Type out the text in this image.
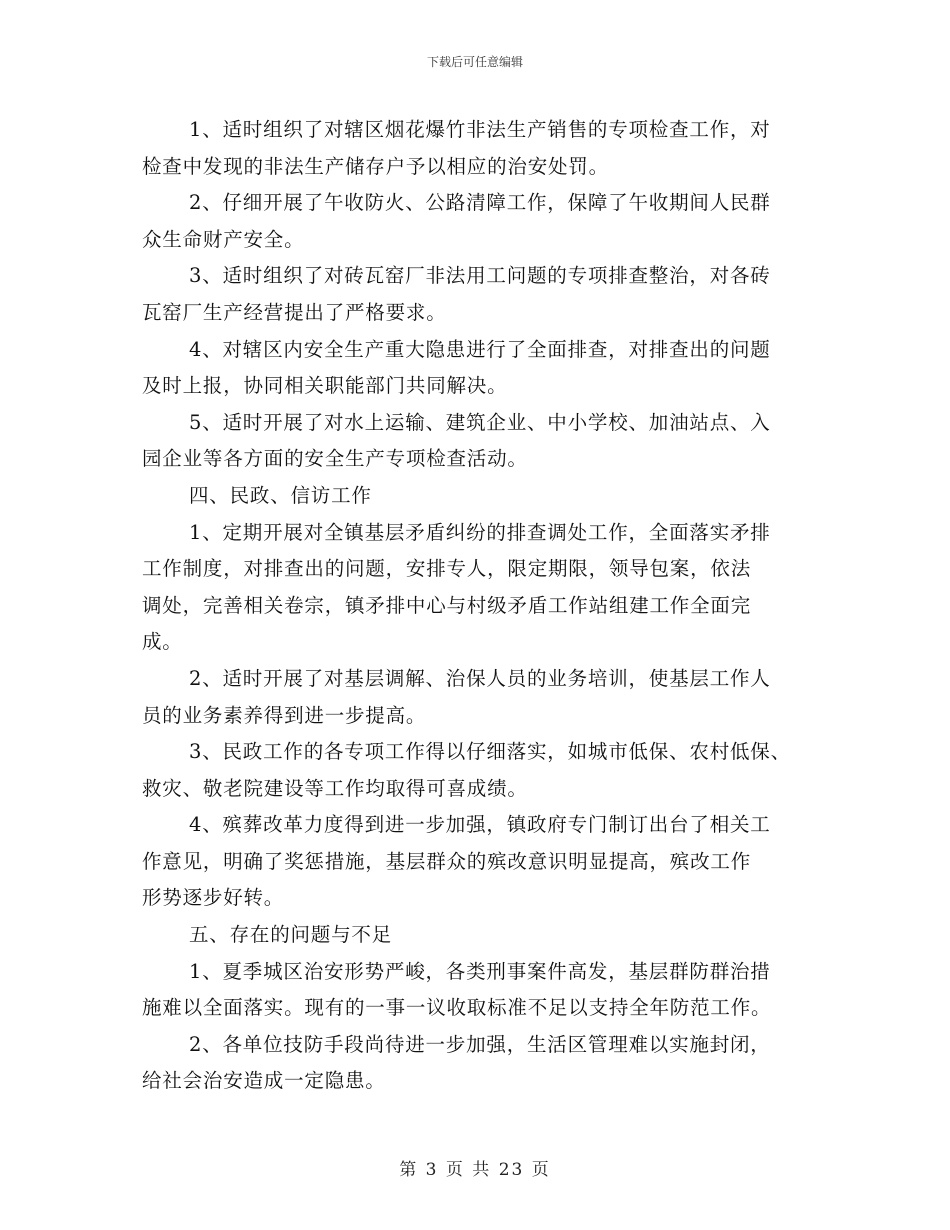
下载后可任意编辑
1、适时组织了对辖区烟花爆竹非法生产销售的专项检查工作，对
检查中发现的非法生产储存户予以相应的治安处罚。
2、仔细开展了午收防火、公路清障工作，保障了午收期间人民群
众生命财产安全。
3、适时组织了对砖瓦窑厂非法用工问题的专项排查整治，对各砖
瓦窑厂生产经营提出了严格要求。
4、对辖区内安全生产重大隐患进行了全面排查，对排查出的问题
及时上报，协同相关职能部门共同解决。
5、适时开展了对水上运输、建筑企业、中小学校、加油站点、入
园企业等各方面的安全生产专项检查活动。
四、民政、信访工作
1、定期开展对全镇基层矛盾纠纷的排查调处工作，全面落实矛排
工作制度，对排查出的问题，安排专人，限定期限，领导包案，依法
调处，完善相关卷宗，镇矛排中心与村级矛盾工作站组建工作全面完
成。
2、适时开展了对基层调解、治保人员的业务培训，使基层工作人
员的业务素养得到进一步提高。
3、民政工作的各专项工作得以仔细落实，如城市低保、农村低保、
救灾、敬老院建设等工作均取得可喜成绩。
4、殡葬改革力度得到进一步加强，镇政府专门制订出台了相关工
作意见，明确了奖惩措施，基层群众的殡改意识明显提高，殡改工作
形势逐步好转。
五、存在的问题与不足
1、夏季城区治安形势严峻，各类刑事案件高发，基层群防群治措
施难以全面落实。现有的一事一议收取标准不足以支持全年防范工作。
2、各单位技防手段尚待进一步加强，生活区管理难以实施封闭，
给社会治安造成一定隐患。
第 3 页 共 23 页
